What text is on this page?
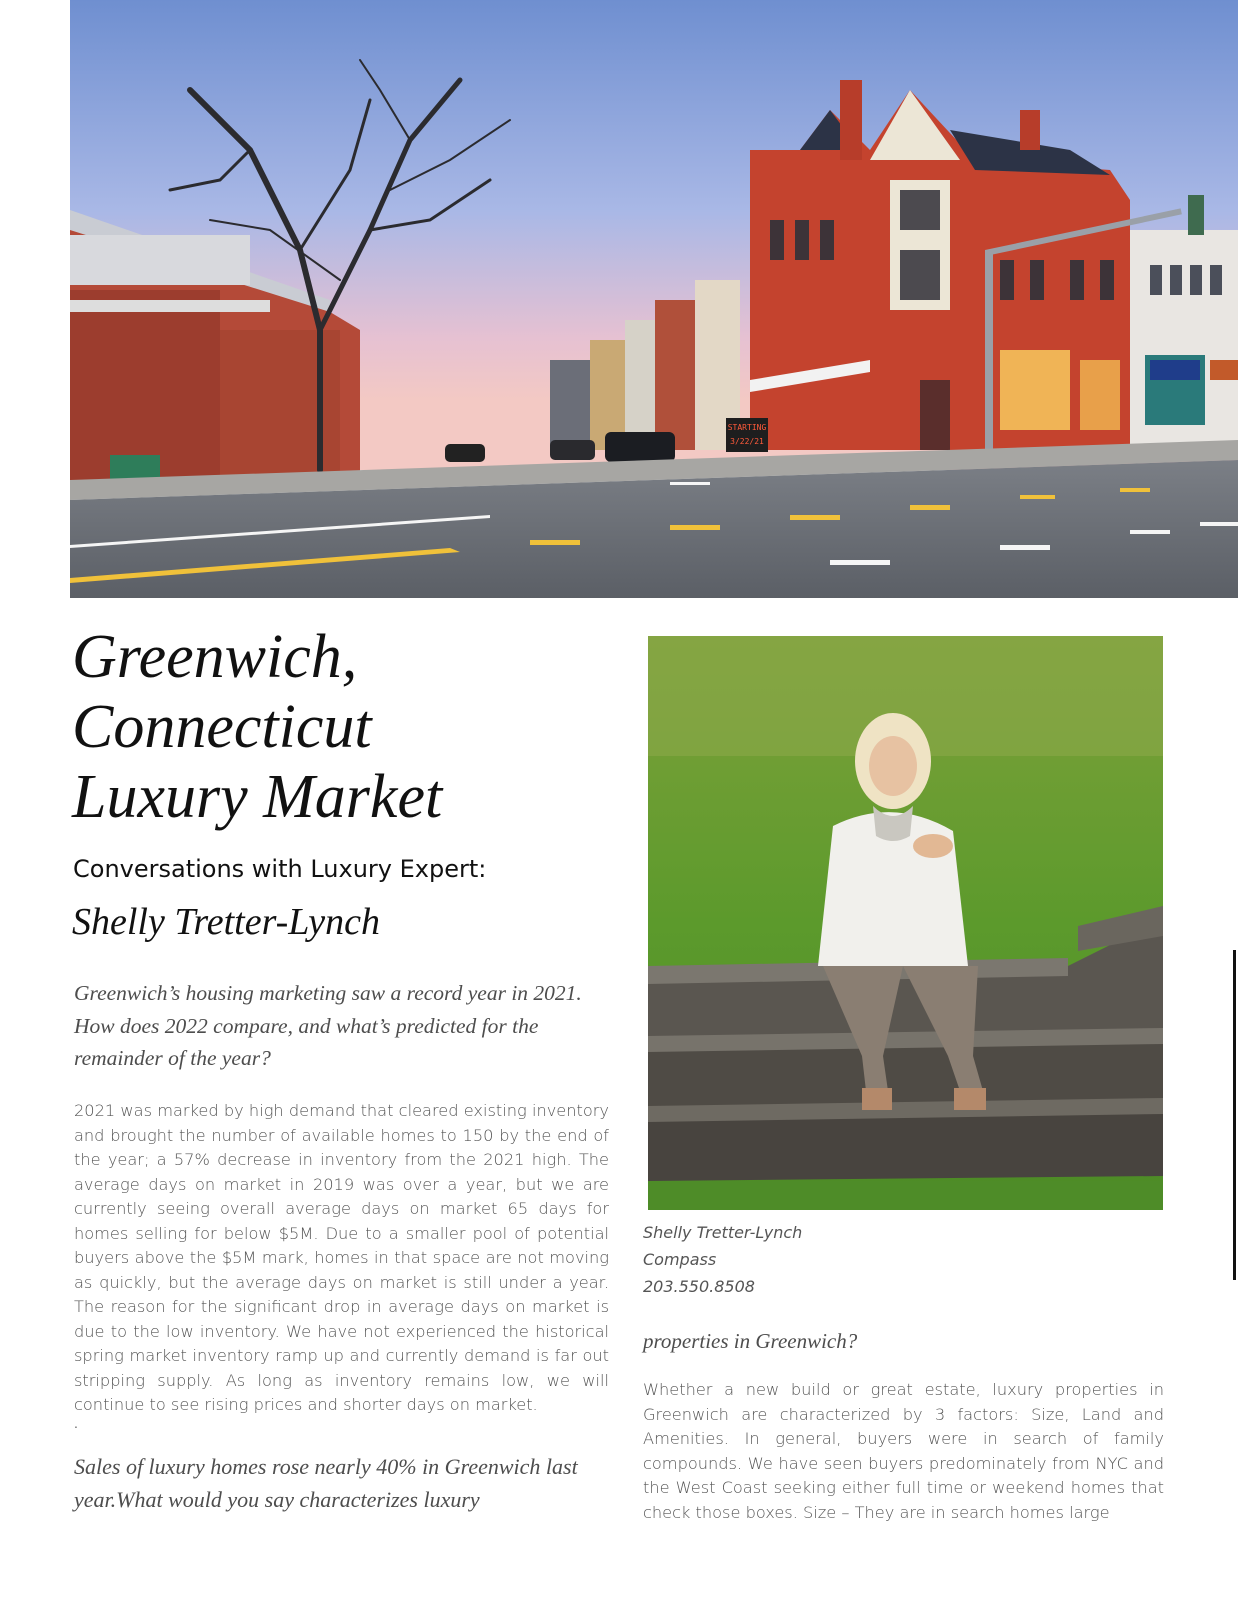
STARTING
3/22/21
Greenwich,
Connecticut
Luxury Market
Conversations with Luxury Expert:
Shelly Tretter-Lynch
Greenwich’s housing marketing saw a record year in 2021. How does 2022 compare, and what’s predicted for the remainder of the year?
2021 was marked by high demand that cleared existing inventory and brought the number of available homes to 150 by the end of the year; a 57% decrease in inventory from the 2021 high. The average days on market in 2019 was over a year, but we are currently seeing overall average days on market 65 days for homes selling for below $5M. Due to a smaller pool of potential buyers above the $5M mark, homes in that space are not moving as quickly, but the average days on market is still under a year. The reason for the significant drop in average days on market is due to the low inventory. We have not experienced the historical spring market inventory ramp up and currently demand is far out stripping supply. As long as inventory remains low, we will continue to see rising prices and shorter days on market.
.
Sales of luxury homes rose nearly 40% in Greenwich last year.What would you say characterizes luxury
Shelly Tretter-Lynch
Compass
203.550.8508
properties in Greenwich?
Whether a new build or great estate, luxury properties in Greenwich are characterized by 3 factors: Size, Land and Amenities. In general, buyers were in search of family compounds. We have seen buyers predominately from NYC and the West Coast seeking either full time or weekend homes that check those boxes. Size – They are in search homes large
